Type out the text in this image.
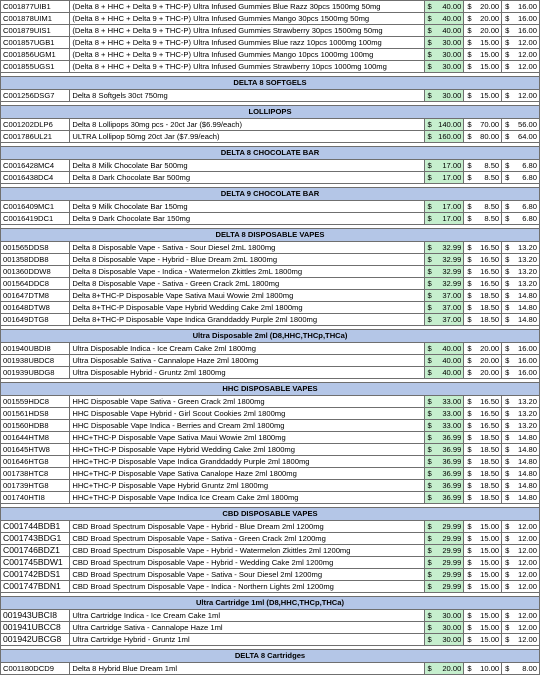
C001877UIB1	(Delta 8 + HHC + Delta 9 + THC-P) Ultra Infused Gummies Blue Razz 30pcs 1500mg 50mg	$ 40.00	$ 20.00	$ 16.00

C001878UIM1	(Delta 8 + HHC + Delta 9 + THC-P) Ultra Infused Gummies Mango 30pcs 1500mg 50mg	$ 40.00	$ 20.00	$ 16.00

C001879UIS1	(Delta 8 + HHC + Delta 9 + THC-P) Ultra Infused Gummies Strawberry 30pcs 1500mg 50mg	$ 40.00	$ 20.00	$ 16.00

C001857UGB1	(Delta 8 + HHC + Delta 9 + THC-P) Ultra Infused Gummies Blue razz 10pcs 1000mg 100mg	$ 30.00	$ 15.00	$ 12.00

C001856UGM1	(Delta 8 + HHC + Delta 9 + THC-P) Ultra Infused Gummies Mango 10pcs 1000mg 100mg	$ 30.00	$ 15.00	$ 12.00

C001855UGS1	(Delta 8 + HHC + Delta 9 + THC-P) Ultra Infused Gummies Strawberry 10pcs 1000mg 100mg	$ 30.00	$ 15.00	$ 12.00

DELTA 8 SOFTGELS				
C001256DSG7	Delta 8 Softgels 30ct 750mg	$ 30.00	$ 15.00	$ 12.00

LOLLIPOPS				
C001202DLP6	Delta 8 Lollipops 30mg pcs - 20ct Jar ($6.99/each)	$ 140.00	$ 70.00	$ 56.00

C001786UL21	ULTRA Lollipop 50mg 20ct Jar ($7.99/each)	$ 160.00	$ 80.00	$ 64.00

DELTA 8 CHOCOLATE BAR				
C0016428MC4	Delta 8 Milk Chocolate Bar 500mg	$ 17.00	$ 8.50	$ 6.80

C0016438DC4	Delta 8 Dark Chocolate Bar 500mg	$ 17.00	$ 8.50	$ 6.80

DELTA 9 CHOCOLATE BAR				
C0016409MC1	Delta 9 Milk Chocolate Bar 150mg	$ 17.00	$ 8.50	$ 6.80

C0016419DC1	Delta 9 Dark Chocolate Bar 150mg	$ 17.00	$ 8.50	$ 6.80

DELTA 8 DISPOSABLE VAPES				
001565DDS8	Delta 8 Disposable Vape - Sativa - Sour Diesel 2mL 1800mg	$ 32.99	$ 16.50	$ 13.20

001358DDB8	Delta 8 Disposable Vape - Hybrid - Blue Dream 2mL 1800mg	$ 32.99	$ 16.50	$ 13.20

001360DDW8	Delta 8 Disposable Vape - Indica - Watermelon Zkittles 2mL 1800mg	$ 32.99	$ 16.50	$ 13.20

001564DDC8	Delta 8 Disposable Vape - Sativa - Green Crack 2mL 1800mg	$ 32.99	$ 16.50	$ 13.20

001647DTM8	Delta 8+THC-P Disposable Vape Sativa Maui Wowie 2ml 1800mg	$ 37.00	$ 18.50	$ 14.80

001648DTW8	Delta 8+THC-P Disposable Vape Hybrid Wedding Cake 2ml 1800mg	$ 37.00	$ 18.50	$ 14.80

001649DTG8	Delta 8+THC-P Disposable Vape Indica Granddaddy Purple 2ml 1800mg	$ 37.00	$ 18.50	$ 14.80

Ultra Disposable 2ml (D8,HHC,THCp,THCa)				
001940UBDI8	Ultra Disposable Indica - Ice Cream Cake 2ml 1800mg	$ 40.00	$ 20.00	$ 16.00

001938UBDC8	Ultra Disposable Sativa - Cannalope Haze 2ml 1800mg	$ 40.00	$ 20.00	$ 16.00

001939UBDG8	Ultra Disposable Hybrid - Gruntz 2ml 1800mg	$ 40.00	$ 20.00	$ 16.00

HHC DISPOSABLE VAPES				
001559HDC8	HHC Disposable Vape Sativa - Green Crack 2ml 1800mg	$ 33.00	$ 16.50	$ 13.20

001561HDS8	HHC Disposable Vape Hybrid - Girl Scout Cookies 2ml 1800mg	$ 33.00	$ 16.50	$ 13.20

001560HDB8	HHC Disposable Vape Indica - Berries and Cream 2ml 1800mg	$ 33.00	$ 16.50	$ 13.20

001644HTM8	HHC+THC-P Disposable Vape Sativa Maui Wowie 2ml 1800mg	$ 36.99	$ 18.50	$ 14.80

001645HTW8	HHC+THC-P Disposable Vape Hybrid Wedding Cake 2ml 1800mg	$ 36.99	$ 18.50	$ 14.80

001646HTG8	HHC+THC-P Disposable Vape Indica Granddaddy Purple 2ml 1800mg	$ 36.99	$ 18.50	$ 14.80

001738HTC8	HHC+THC-P Disposable Vape Sativa Canalope Haze 2ml 1800mg	$ 36.99	$ 18.50	$ 14.80

001739HTG8	HHC+THC-P Disposable Vape Hybrid Gruntz 2ml 1800mg	$ 36.99	$ 18.50	$ 14.80

001740HTI8	HHC+THC-P Disposable Vape Indica Ice Cream Cake 2ml 1800mg	$ 36.99	$ 18.50	$ 14.80

CBD DISPOSABLE VAPES				
C001744BDB1	CBD Broad Spectrum Disposable Vape - Hybrid - Blue Dream 2ml 1200mg	$ 29.99	$ 15.00	$ 12.00

C001743BDG1	CBD Broad Spectrum Disposable Vape - Sativa - Green Crack 2ml 1200mg	$ 29.99	$ 15.00	$ 12.00

C001746BDZ1	CBD Broad Spectrum Disposable Vape - Hybrid - Watermelon Zkittles 2ml 1200mg	$ 29.99	$ 15.00	$ 12.00

C001745BDW1	CBD Broad Spectrum Disposable Vape - Hybrid - Wedding Cake 2ml 1200mg	$ 29.99	$ 15.00	$ 12.00

C001742BDS1	CBD Broad Spectrum Disposable Vape - Sativa - Sour Diesel 2ml 1200mg	$ 29.99	$ 15.00	$ 12.00

C001747BDN1	CBD Broad Spectrum Disposable Vape - Indica - Northern Lights 2ml 1200mg	$ 29.99	$ 15.00	$ 12.00

Ultra Cartridge 1ml (D8,HHC,THCp,THCa)				
001943UBCI8	Ultra Cartridge Indica - Ice Cream Cake 1ml	$ 30.00	$ 15.00	$ 12.00

001941UBCC8	Ultra Cartridge Sativa - Cannalope Haze 1ml	$ 30.00	$ 15.00	$ 12.00

001942UBCG8	Ultra Cartridge Hybrid - Gruntz 1ml	$ 30.00	$ 15.00	$ 12.00

DELTA 8 Cartridges				
C001180DCD9	Delta 8 Hybrid Blue Dream 1ml	$ 20.00	$ 10.00	$ 8.00
